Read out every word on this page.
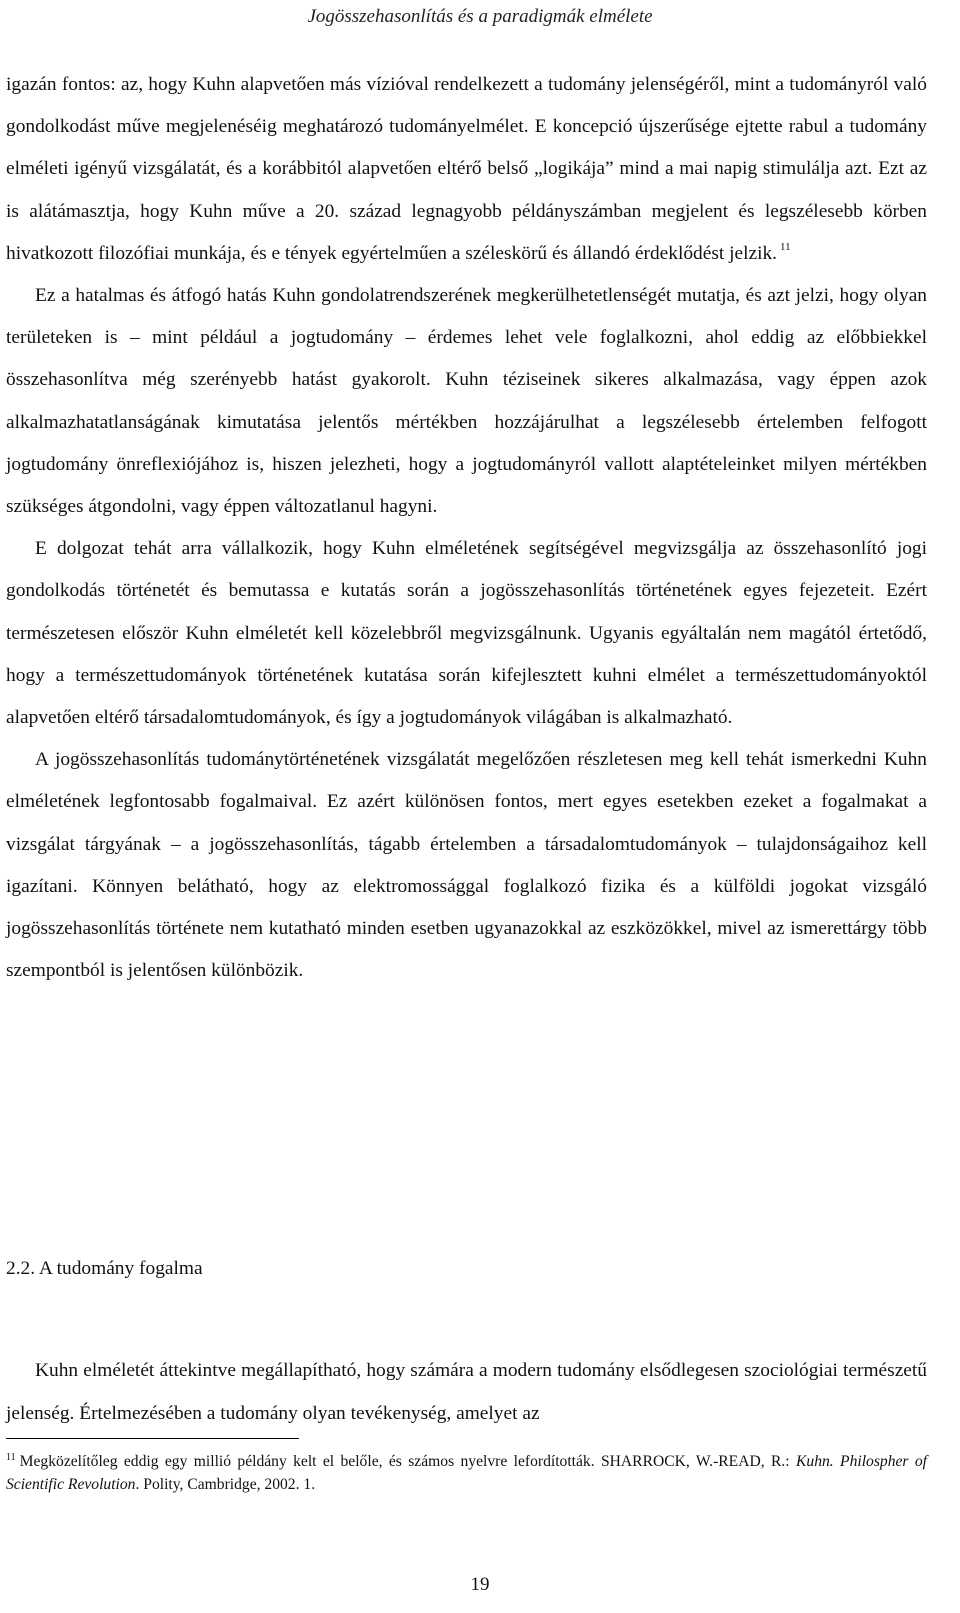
Jogösszehasonlítás és a paradigmák elmélete

igazán fontos: az, hogy Kuhn alapvetően más vízióval rendelkezett a tudomány jelenségéről, mint a tudományról való gondolkodást műve megjelenéséig meghatározó tudományelmélet. E koncepció újszerűsége ejtette rabul a tudomány elméleti igényű vizsgálatát, és a korábbitól alapvetően eltérő belső „logikája” mind a mai napig stimulálja azt. Ezt az is alátámasztja, hogy Kuhn műve a 20. század legnagyobb példányszámban megjelent és legszélesebb körben hivatkozott filozófiai munkája, és e tények egyértelműen a széleskörű és állandó érdeklődést jelzik. $^{11}$

Ez a hatalmas és átfogó hatás Kuhn gondolatrendszerének megkerülhetetlenségét mutatja, és azt jelzi, hogy olyan területeken is – mint például a jogtudomány – érdemes lehet vele foglalkozni, ahol eddig az előbbiekkel összehasonlítva még szerényebb hatást gyakorolt. Kuhn téziseinek sikeres alkalmazása, vagy éppen azok alkalmazhatatlanságának kimutatása jelentős mértékben hozzájárulhat a legszélesebb értelemben felfogott jogtudomány önreflexiójához is, hiszen jelezheti, hogy a jogtudományról vallott alaptételeinket milyen mértékben szükséges átgondolni, vagy éppen változatlanul hagyni.

E dolgozat tehát arra vállalkozik, hogy Kuhn elméletének segítségével megvizsgálja az összehasonlító jogi gondolkodás történetét és bemutassa e kutatás során a jogösszehasonlítás történetének egyes fejezeteit. Ezért természetesen először Kuhn elméletét kell közelebbről megvizsgálnunk. Ugyanis egyáltalán nem magától értetődő, hogy a természettudományok történetének kutatása során kifejlesztett kuhni elmélet a természettudományoktól alapvetően eltérő társadalomtudományok, és így a jogtudományok világában is alkalmazható.

A jogösszehasonlítás tudománytörténetének vizsgálatát megelőzően részletesen meg kell tehát ismerkedni Kuhn elméletének legfontosabb fogalmaival. Ez azért különösen fontos, mert egyes esetekben ezeket a fogalmakat a vizsgálat tárgyának – a jogösszehasonlítás, tágabb értelemben a társadalomtudományok – tulajdonságaihoz kell igazítani. Könnyen belátható, hogy az elektromossággal foglalkozó fizika és a külföldi jogokat vizsgáló jogösszehasonlítás története nem kutatható minden esetben ugyanazokkal az eszközökkel, mivel az ismerettárgy több szempontból is jelentősen különbözik.

2.2. A tudomány fogalma

Kuhn elméletét áttekintve megállapítható, hogy számára a modern tudomány elsődlegesen szociológiai természetű jelenség. Értelmezésében a tudomány olyan tevékenység, amelyet az

$^{11}$ Megközelítőleg eddig egy millió példány kelt el belőle, és számos nyelvre lefordították. SHARROCK, W.-READ, R.: Kuhn. Philospher of Scientific Revolution. Polity, Cambridge, 2002. 1.
19
